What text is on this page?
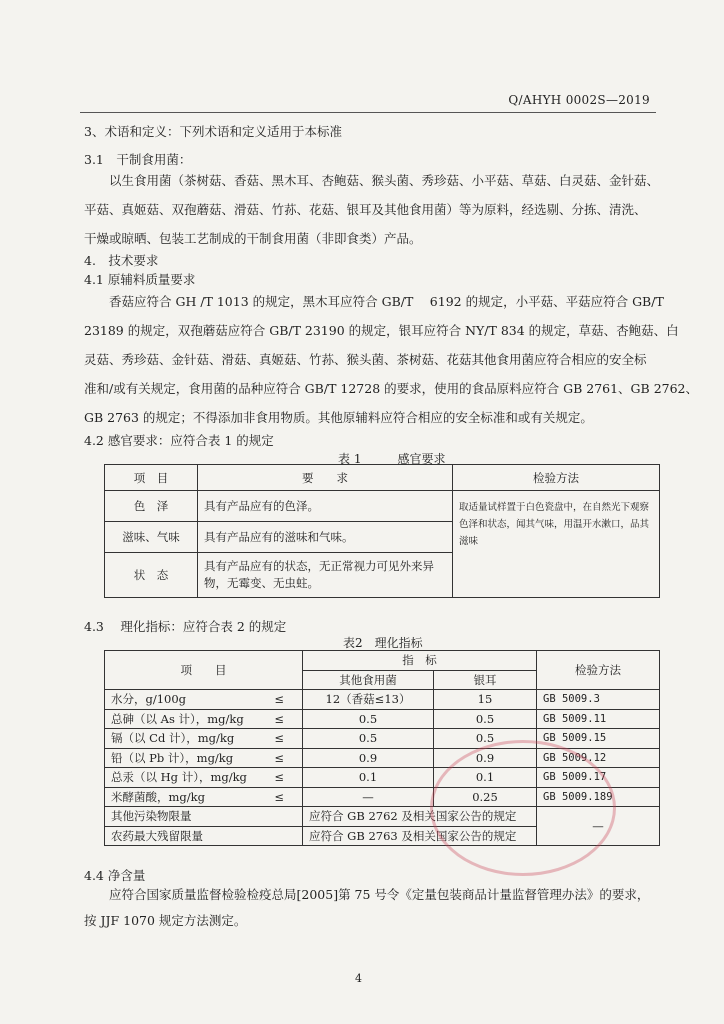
Q/AHYH 0002S—2019
3、术语和定义：下列术语和定义适用于本标准
3.1　干制食用菌：
以生食用菌（茶树菇、香菇、黑木耳、杏鲍菇、猴头菌、秀珍菇、小平菇、草菇、白灵菇、金针菇、
平菇、真姬菇、双孢蘑菇、滑菇、竹荪、花菇、银耳及其他食用菌）等为原料，经选剔、分拣、清洗、
干燥或晾晒、包装工艺制成的干制食用菌（非即食类）产品。
4.　技术要求
4.1 原辅料质量要求
香菇应符合 GH /T 1013 的规定，黑木耳应符合 GB/T　 6192 的规定，小平菇、平菇应符合 GB/T
23189 的规定，双孢蘑菇应符合 GB/T 23190 的规定，银耳应符合 NY/T 834 的规定，草菇、杏鲍菇、白
灵菇、秀珍菇、金针菇、滑菇、真姬菇、竹荪、猴头菌、茶树菇、花菇其他食用菌应符合相应的安全标
准和/或有关规定，食用菌的品种应符合 GB/T 12728 的要求，使用的食品原料应符合 GB 2761、GB 2762、
GB 2763 的规定；不得添加非食用物质。其他原辅料应符合相应的安全标准和或有关规定。
4.2 感官要求：应符合表 1 的规定
表 1　　　感官要求
项　目	要　　求	检验方法
色　泽	具有产品应有的色泽。	取适量试样置于白色瓷盘中，在自然光下观察色泽和状态，闻其气味，用温开水漱口，品其滋味
滋味、气味	具有产品应有的滋味和气味。	
状　态	具有产品应有的状态，无正常视力可见外来异物，无霉变、无虫蛀。	
4.3　 理化指标：应符合表 2 的规定
表2　理化指标
项　　目		指　标		检验方法
		其他食用菌	银耳	
水分，g/100g	≤	12（香菇≤13）	15	GB 5009.3
总砷（以 As 计），mg/kg	≤	0.5	0.5	GB 5009.11
镉（以 Cd 计），mg/kg	≤	0.5	0.5	GB 5009.15
铅（以 Pb 计），mg/kg	≤	0.9	0.9	GB 5009.12
总汞（以 Hg 计），mg/kg	≤	0.1	0.1	GB 5009.17
米酵菌酸，mg/kg	≤	—	0.25	GB 5009.189
其他污染物限量		应符合 GB 2762 及相关国家公告的规定		—
农药最大残留限量		应符合 GB 2763 及相关国家公告的规定		
4.4 净含量
应符合国家质量监督检验检疫总局[2005]第 75 号令《定量包装商品计量监督管理办法》的要求，
按 JJF 1070 规定方法测定。
4
